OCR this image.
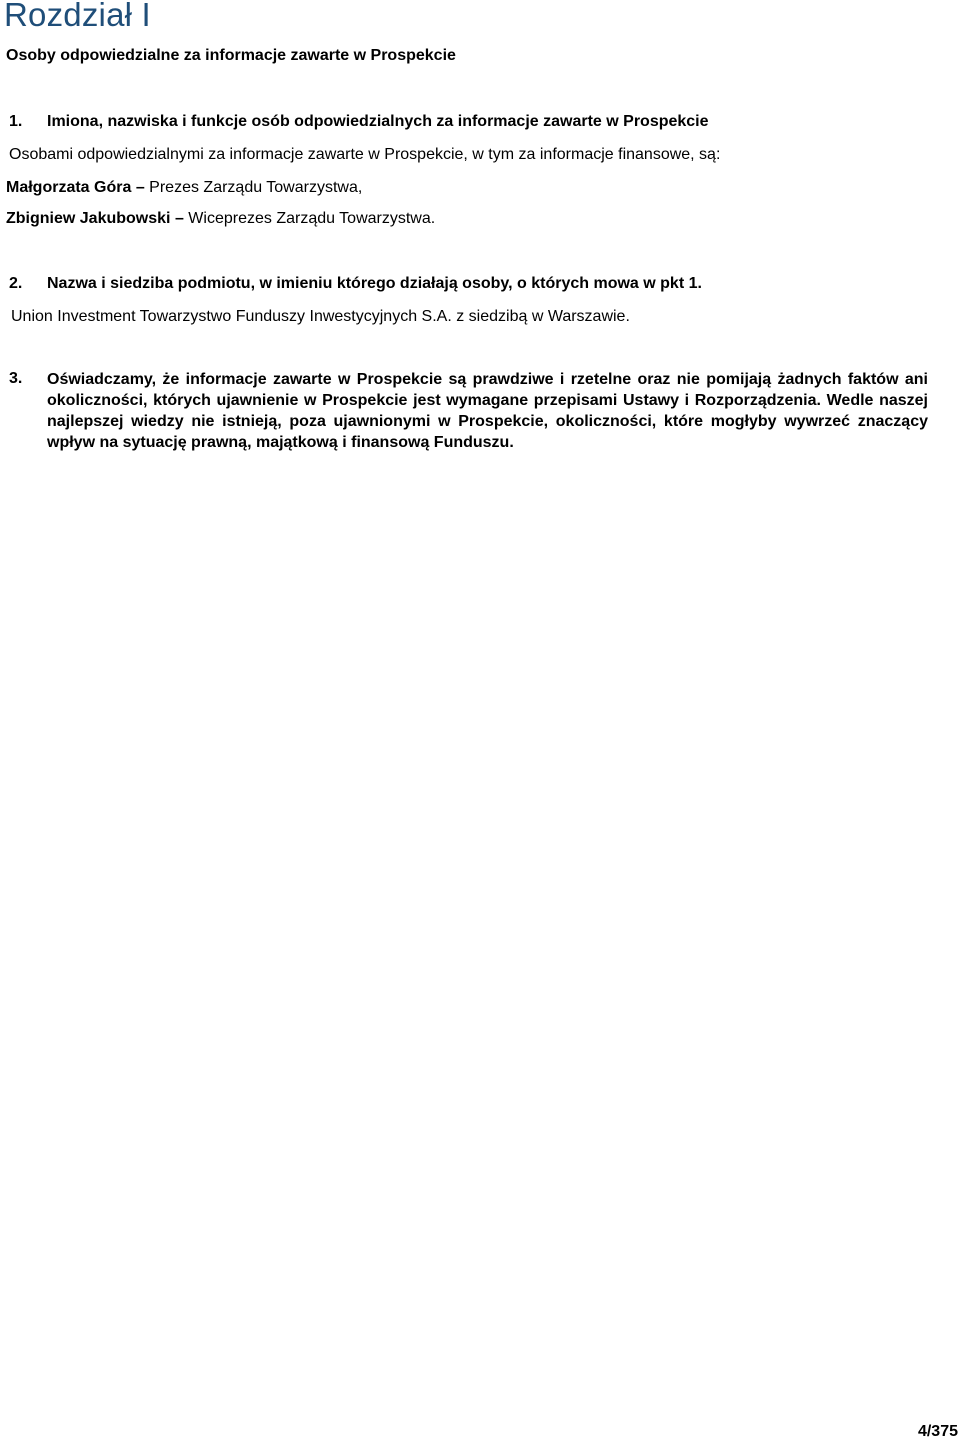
Rozdział I

Osoby odpowiedzialne za informacje zawarte w Prospekcie

1. Imiona, nazwiska i funkcje osób odpowiedzialnych za informacje zawarte w Prospekcie

Osobami odpowiedzialnymi za informacje zawarte w Prospekcie, w tym za informacje finansowe, są:

Małgorzata Góra – Prezes Zarządu Towarzystwa,

Zbigniew Jakubowski – Wiceprezes Zarządu Towarzystwa.

2. Nazwa i siedziba podmiotu, w imieniu którego działają osoby, o których mowa w pkt 1.

Union Investment Towarzystwo Funduszy Inwestycyjnych S.A. z siedzibą w Warszawie.

3. Oświadczamy, że informacje zawarte w Prospekcie są prawdziwe i rzetelne oraz nie pomijają żadnych faktów ani okoliczności, których ujawnienie w Prospekcie jest wymagane przepisami Ustawy i Rozporządzenia. Wedle naszej najlepszej wiedzy nie istnieją, poza ujawnionymi w Prospekcie, okoliczności, które mogłyby wywrzeć znaczący wpływ na sytuację prawną, majątkową i finansową Funduszu.

4/375
